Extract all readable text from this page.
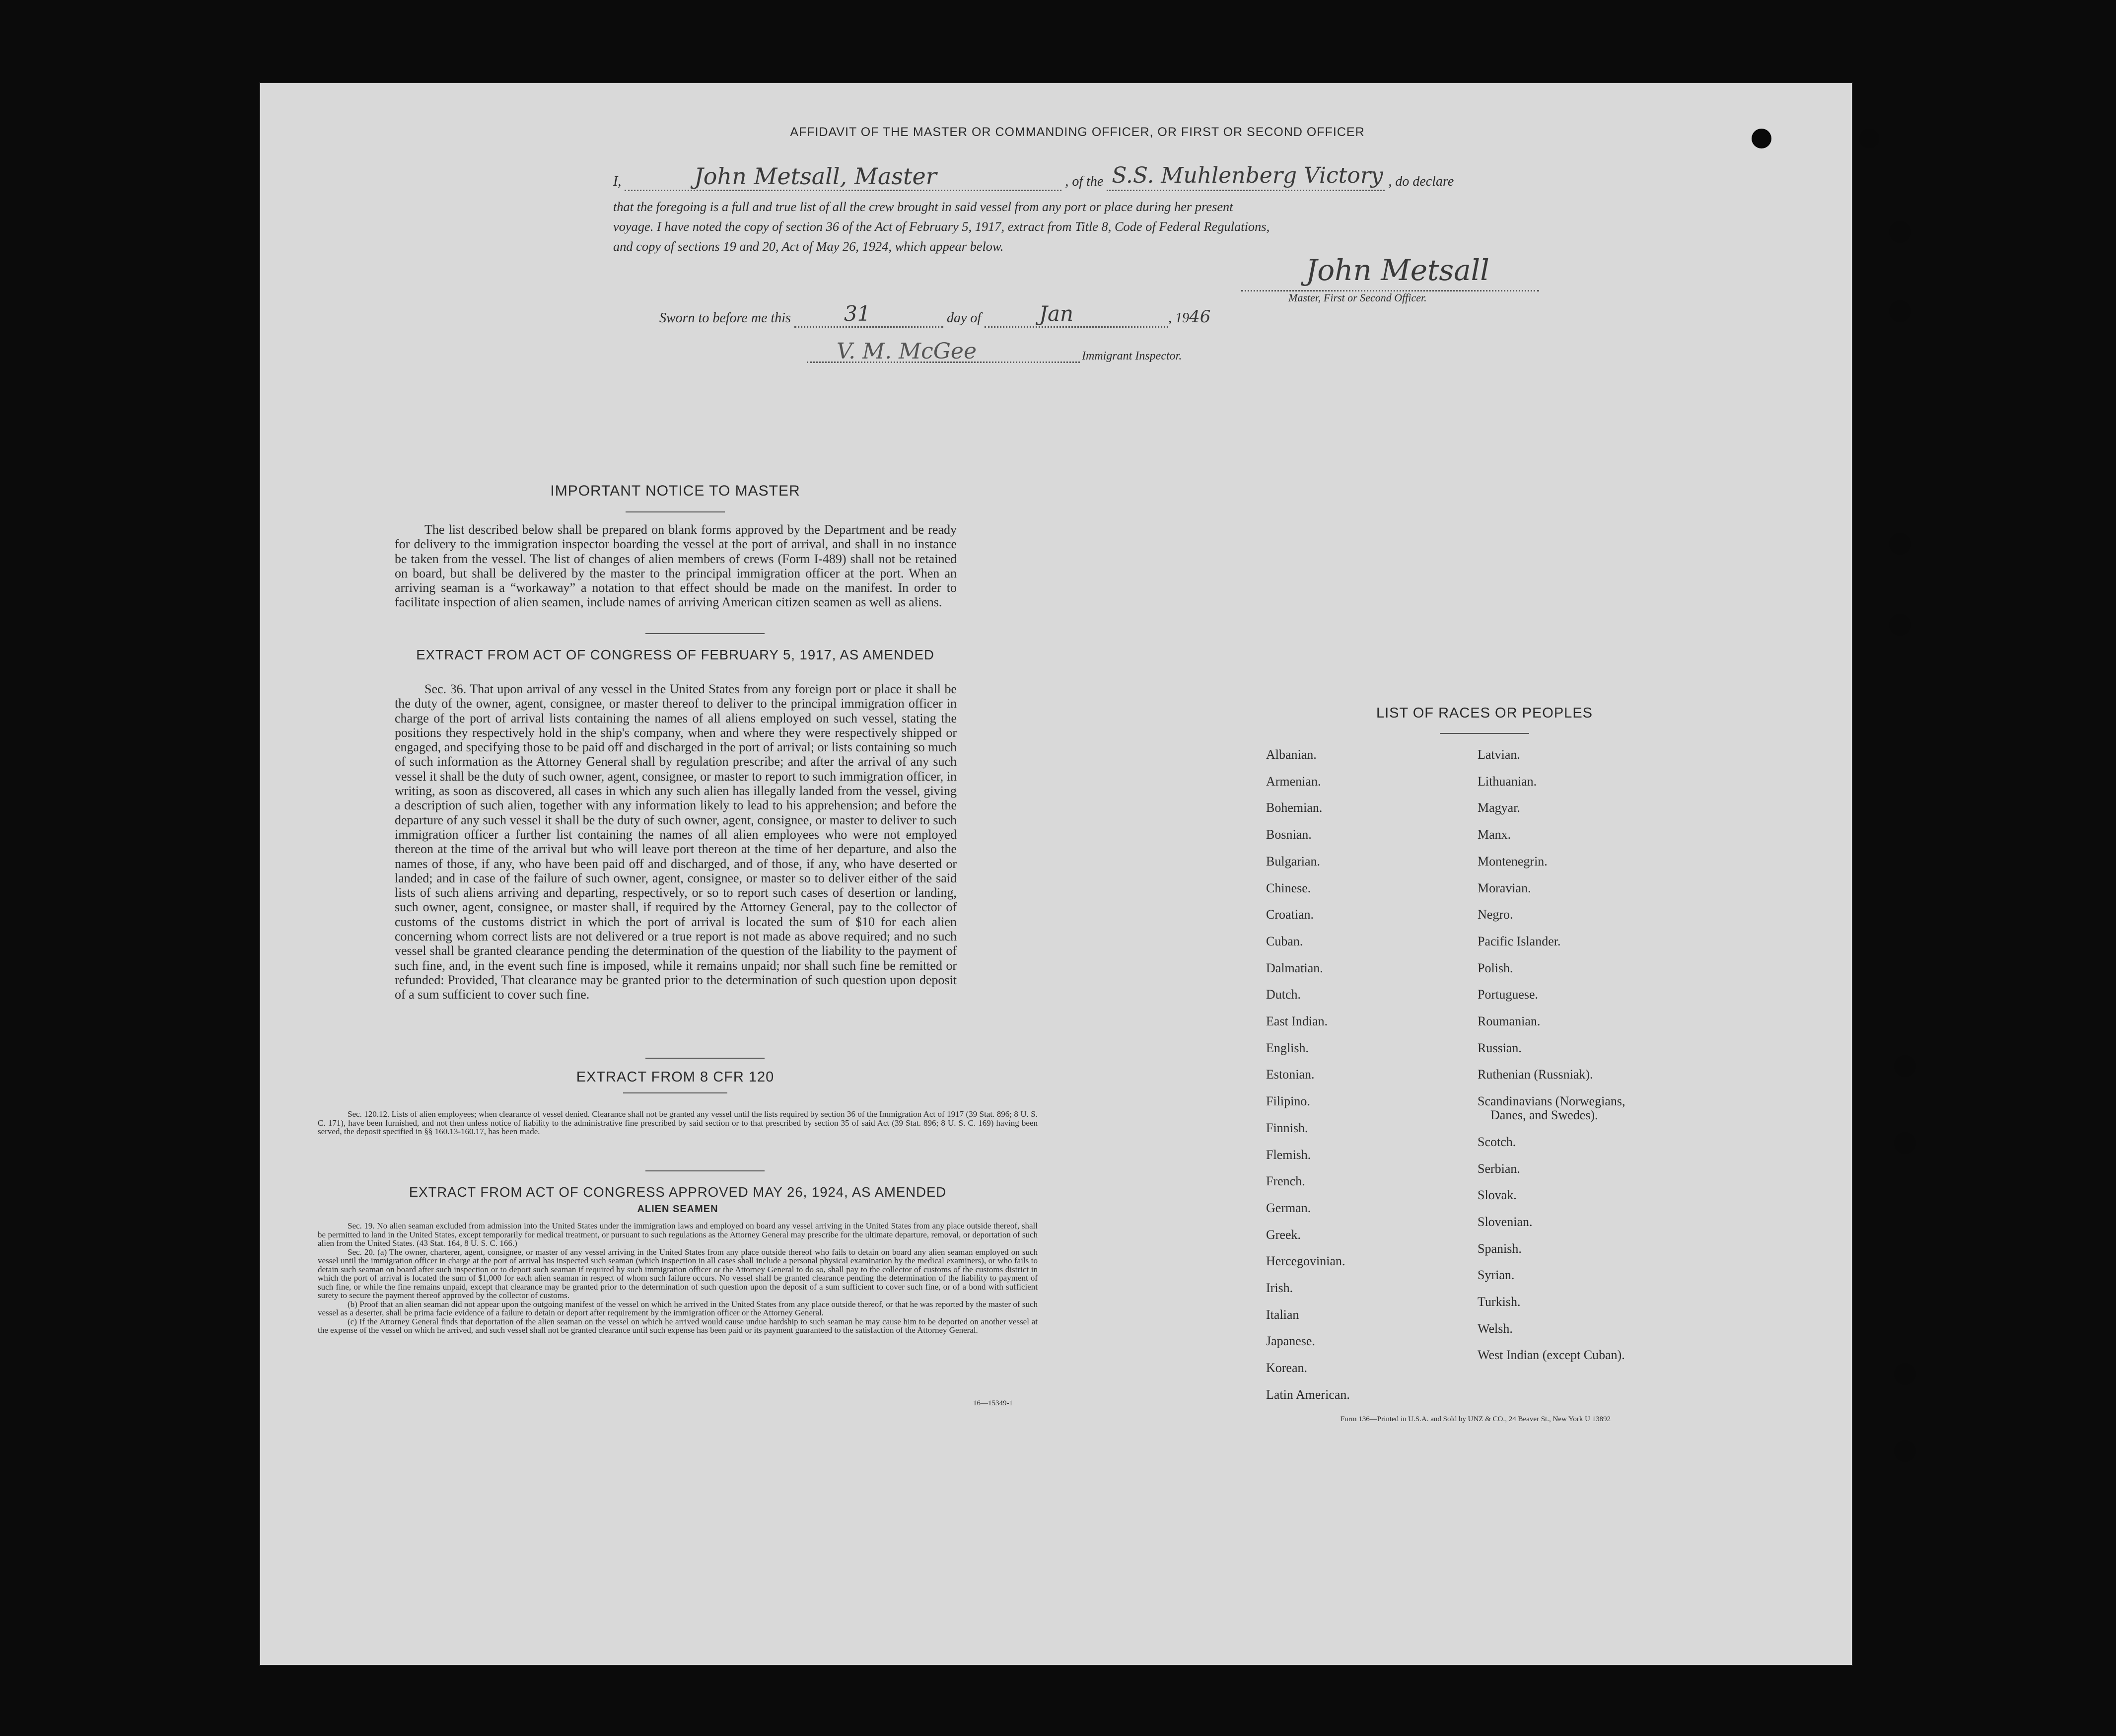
AFFIDAVIT OF THE MASTER OR COMMANDING OFFICER, OR FIRST OR SECOND OFFICER
I,	John Metsall, Master	, of the S.S. Muhlenberg Victory , do declare
that the foregoing is a full and true list of all the crew brought in said vessel from any port or place during her present
voyage. I have noted the copy of section 36 of the Act of February 5, 1917, extract from Title 8, Code of Federal Regulations,
and copy of sections 19 and 20, Act of May 26, 1924, which appear below.
John Metsall
Master, First or Second Officer.
Sworn to before me this	31	day of	Jan	, 1946
V. M. McGee	Immigrant Inspector.
IMPORTANT NOTICE TO MASTER
The list described below shall be prepared on blank forms approved by the Department and be ready for delivery to the immigration inspector boarding the vessel at the port of arrival, and shall in no instance be taken from the vessel. The list of changes of alien members of crews (Form I-489) shall not be retained on board, but shall be delivered by the master to the principal immigration officer at the port. When an arriving seaman is a “workaway” a notation to that effect should be made on the manifest. In order to facilitate inspection of alien seamen, include names of arriving American citizen seamen as well as aliens.
EXTRACT FROM ACT OF CONGRESS OF FEBRUARY 5, 1917, AS AMENDED
Sec. 36. That upon arrival of any vessel in the United States from any foreign port or place it shall be the duty of the owner, agent, consignee, or master thereof to deliver to the principal immigration officer in charge of the port of arrival lists containing the names of all aliens employed on such vessel, stating the positions they respectively hold in the ship's company, when and where they were respectively shipped or engaged, and specifying those to be paid off and discharged in the port of arrival; or lists containing so much of such information as the Attorney General shall by regulation prescribe; and after the arrival of any such vessel it shall be the duty of such owner, agent, consignee, or master to report to such immigration officer, in writing, as soon as discovered, all cases in which any such alien has illegally landed from the vessel, giving a description of such alien, together with any information likely to lead to his apprehension; and before the departure of any such vessel it shall be the duty of such owner, agent, consignee, or master to deliver to such immigration officer a further list containing the names of all alien employees who were not employed thereon at the time of the arrival but who will leave port thereon at the time of her departure, and also the names of those, if any, who have been paid off and discharged, and of those, if any, who have deserted or landed; and in case of the failure of such owner, agent, consignee, or master so to deliver either of the said lists of such aliens arriving and departing, respectively, or so to report such cases of desertion or landing, such owner, agent, consignee, or master shall, if required by the Attorney General, pay to the collector of customs of the customs district in which the port of arrival is located the sum of $10 for each alien concerning whom correct lists are not delivered or a true report is not made as above required; and no such vessel shall be granted clearance pending the determination of the question of the liability to the payment of such fine, and, in the event such fine is imposed, while it remains unpaid; nor shall such fine be remitted or refunded: Provided, That clearance may be granted prior to the determination of such question upon deposit of a sum sufficient to cover such fine.
EXTRACT FROM 8 CFR 120
Sec. 120.12. Lists of alien employees; when clearance of vessel denied. Clearance shall not be granted any vessel until the lists required by section 36 of the Immigration Act of 1917 (39 Stat. 896; 8 U. S. C. 171), have been furnished, and not then unless notice of liability to the administrative fine prescribed by said section or to that prescribed by section 35 of said Act (39 Stat. 896; 8 U. S. C. 169) having been served, the deposit specified in §§ 160.13-160.17, has been made.
EXTRACT FROM ACT OF CONGRESS APPROVED MAY 26, 1924, AS AMENDED
ALIEN SEAMEN
Sec. 19. No alien seaman excluded from admission into the United States under the immigration laws and employed on board any vessel arriving in the United States from any place outside thereof, shall be permitted to land in the United States, except temporarily for medical treatment, or pursuant to such regulations as the Attorney General may prescribe for the ultimate departure, removal, or deportation of such alien from the United States. (43 Stat. 164, 8 U. S. C. 166.)
Sec. 20. (a) The owner, charterer, agent, consignee, or master of any vessel arriving in the United States from any place outside thereof who fails to detain on board any alien seaman employed on such vessel until the immigration officer in charge at the port of arrival has inspected such seaman (which inspection in all cases shall include a personal physical examination by the medical examiners), or who fails to detain such seaman on board after such inspection or to deport such seaman if required by such immigration officer or the Attorney General to do so, shall pay to the collector of customs of the customs district in which the port of arrival is located the sum of $1,000 for each alien seaman in respect of whom such failure occurs. No vessel shall be granted clearance pending the determination of the liability to payment of such fine, or while the fine remains unpaid, except that clearance may be granted prior to the determination of such question upon the deposit of a sum sufficient to cover such fine, or of a bond with sufficient surety to secure the payment thereof approved by the collector of customs.
(b) Proof that an alien seaman did not appear upon the outgoing manifest of the vessel on which he arrived in the United States from any place outside thereof, or that he was reported by the master of such vessel as a deserter, shall be prima facie evidence of a failure to detain or deport after requirement by the immigration officer or the Attorney General.
(c) If the Attorney General finds that deportation of the alien seaman on the vessel on which he arrived would cause undue hardship to such seaman he may cause him to be deported on another vessel at the expense of the vessel on which he arrived, and such vessel shall not be granted clearance until such expense has been paid or its payment guaranteed to the satisfaction of the Attorney General.
16—15349-1
LIST OF RACES OR PEOPLES
Albanian.
Armenian.
Bohemian.
Bosnian.
Bulgarian.
Chinese.
Croatian.
Cuban.
Dalmatian.
Dutch.
East Indian.
English.
Estonian.
Filipino.
Finnish.
Flemish.
French.
German.
Greek.
Hercegovinian.
Irish.
Italian
Japanese.
Korean.
Latin American.
Latvian.
Lithuanian.
Magyar.
Manx.
Montenegrin.
Moravian.
Negro.
Pacific Islander.
Polish.
Portuguese.
Roumanian.
Russian.
Ruthenian (Russniak).
Scandinavians (Norwegians,
Danes, and Swedes).
Scotch.
Serbian.
Slovak.
Slovenian.
Spanish.
Syrian.
Turkish.
Welsh.
West Indian (except Cuban).
Form 136—Printed in U.S.A. and Sold by UNZ & CO., 24 Beaver St., New York U 13892
